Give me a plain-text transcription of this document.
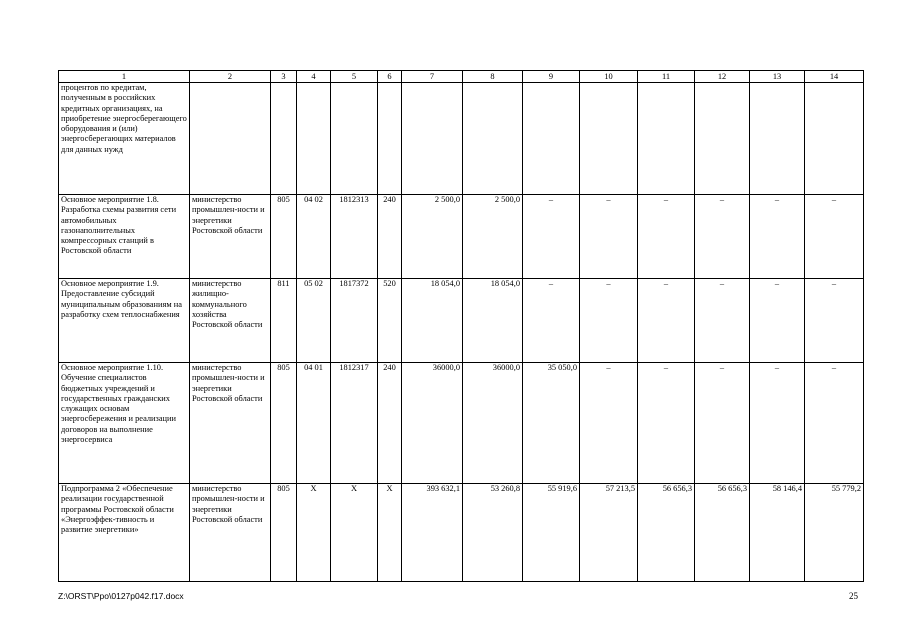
1	2	3	4	5	6	7	8	9	10	11	12	13	14
процентов по кредитам, полученным в российских кредитных организациях, на приобретение энергосберегающего оборудования и (или) энергосберегающих материалов для данных нужд													
Основное мероприятие 1.8. Разработка схемы развития сети автомобильных газонаполнительных компрессорных станций в Ростовской области	министерство промышлен-ности и энергетики Ростовской области	805	04 02	1812313	240	2 500,0	2 500,0	–	–	–	–	–	–
Основное мероприятие 1.9. Предоставление субсидий муниципальным образованиям на разработку схем теплоснабжения	министерство жилищно-коммунального хозяйства Ростовской области	811	05 02	1817372	520	18 054,0	18 054,0	–	–	–	–	–	–
Основное мероприятие 1.10. Обучение специалистов бюджетных учреждений и государственных гражданских служащих основам энергосбережения и реализации договоров на выполнение энергосервиса	министерство промышлен-ности и энергетики Ростовской области	805	04 01	1812317	240	36000,0	36000,0	35 050,0	–	–	–	–	–
Подпрограмма 2 «Обеспечение реализации государственной программы Ростовской области «Энергоэффек-тивность и развитие энергетики»	министерство промышлен-ности и энергетики Ростовской области	805	Х	Х	Х	393 632,1	53 260,8	55 919,6	57 213,5	56 656,3	56 656,3	58 146,4	55 779,2
Z:\ORST\Ppo\0127p042.f17.docx	25
